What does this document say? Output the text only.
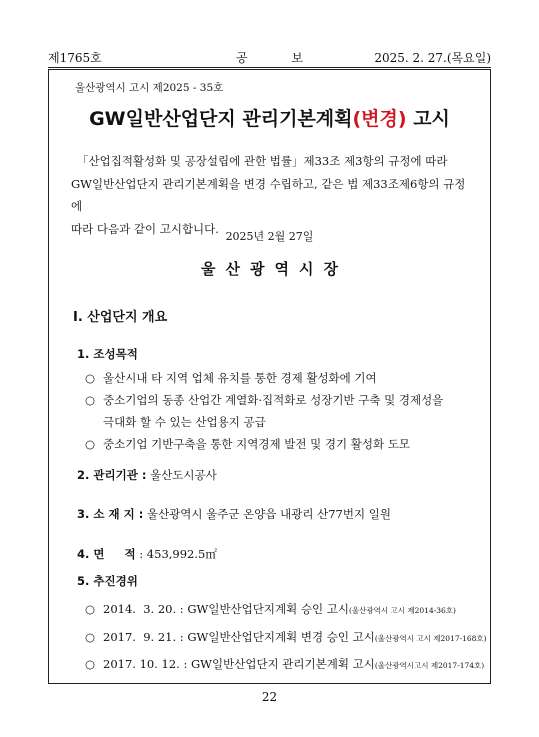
제1765호	공 보	2025. 2. 27.(목요일)
울산광역시 고시 제2025 - 35호
GW일반산업단지 관리기본계획(변경) 고시

「산업집적활성화 및 공장설립에 관한 법률」제33조 제3항의 규정에 따라

GW일반산업단지 관리기본계획을 변경 수립하고, 같은 법 제33조제6항의 규정에

따라 다음과 같이 고시합니다.

2025년 2월 27일
울산광역시장
Ⅰ. 산업단지 개요
1. 조성목적
○ 울산시내 타 지역 업체 유치를 통한 경제 활성화에 기여
○ 중소기업의 동종 산업간 계열화·집적화로 성장기반 구축 및 경제성을
극대화 할 수 있는 산업용지 공급
○ 중소기업 기반구축을 통한 지역경제 발전 및 경기 활성화 도모
2. 관리기관 : 울산도시공사
3. 소 재 지 : 울산광역시 울주군 온양읍 내광리 산77번지 일원
4. 면     적 : 453,992.5㎡
5. 추진경위
○ 2014.  3. 20. : GW일반산업단지계획 승인 고시(울산광역시 고시 제2014-36호)
○ 2017.  9. 21. : GW일반산업단지계획 변경 승인 고시(울산광역시 고시 제2017-168호)
○ 2017. 10. 12. : GW일반산업단지 관리기본계획 고시(울산광역시고시 제2017-174호)
22
